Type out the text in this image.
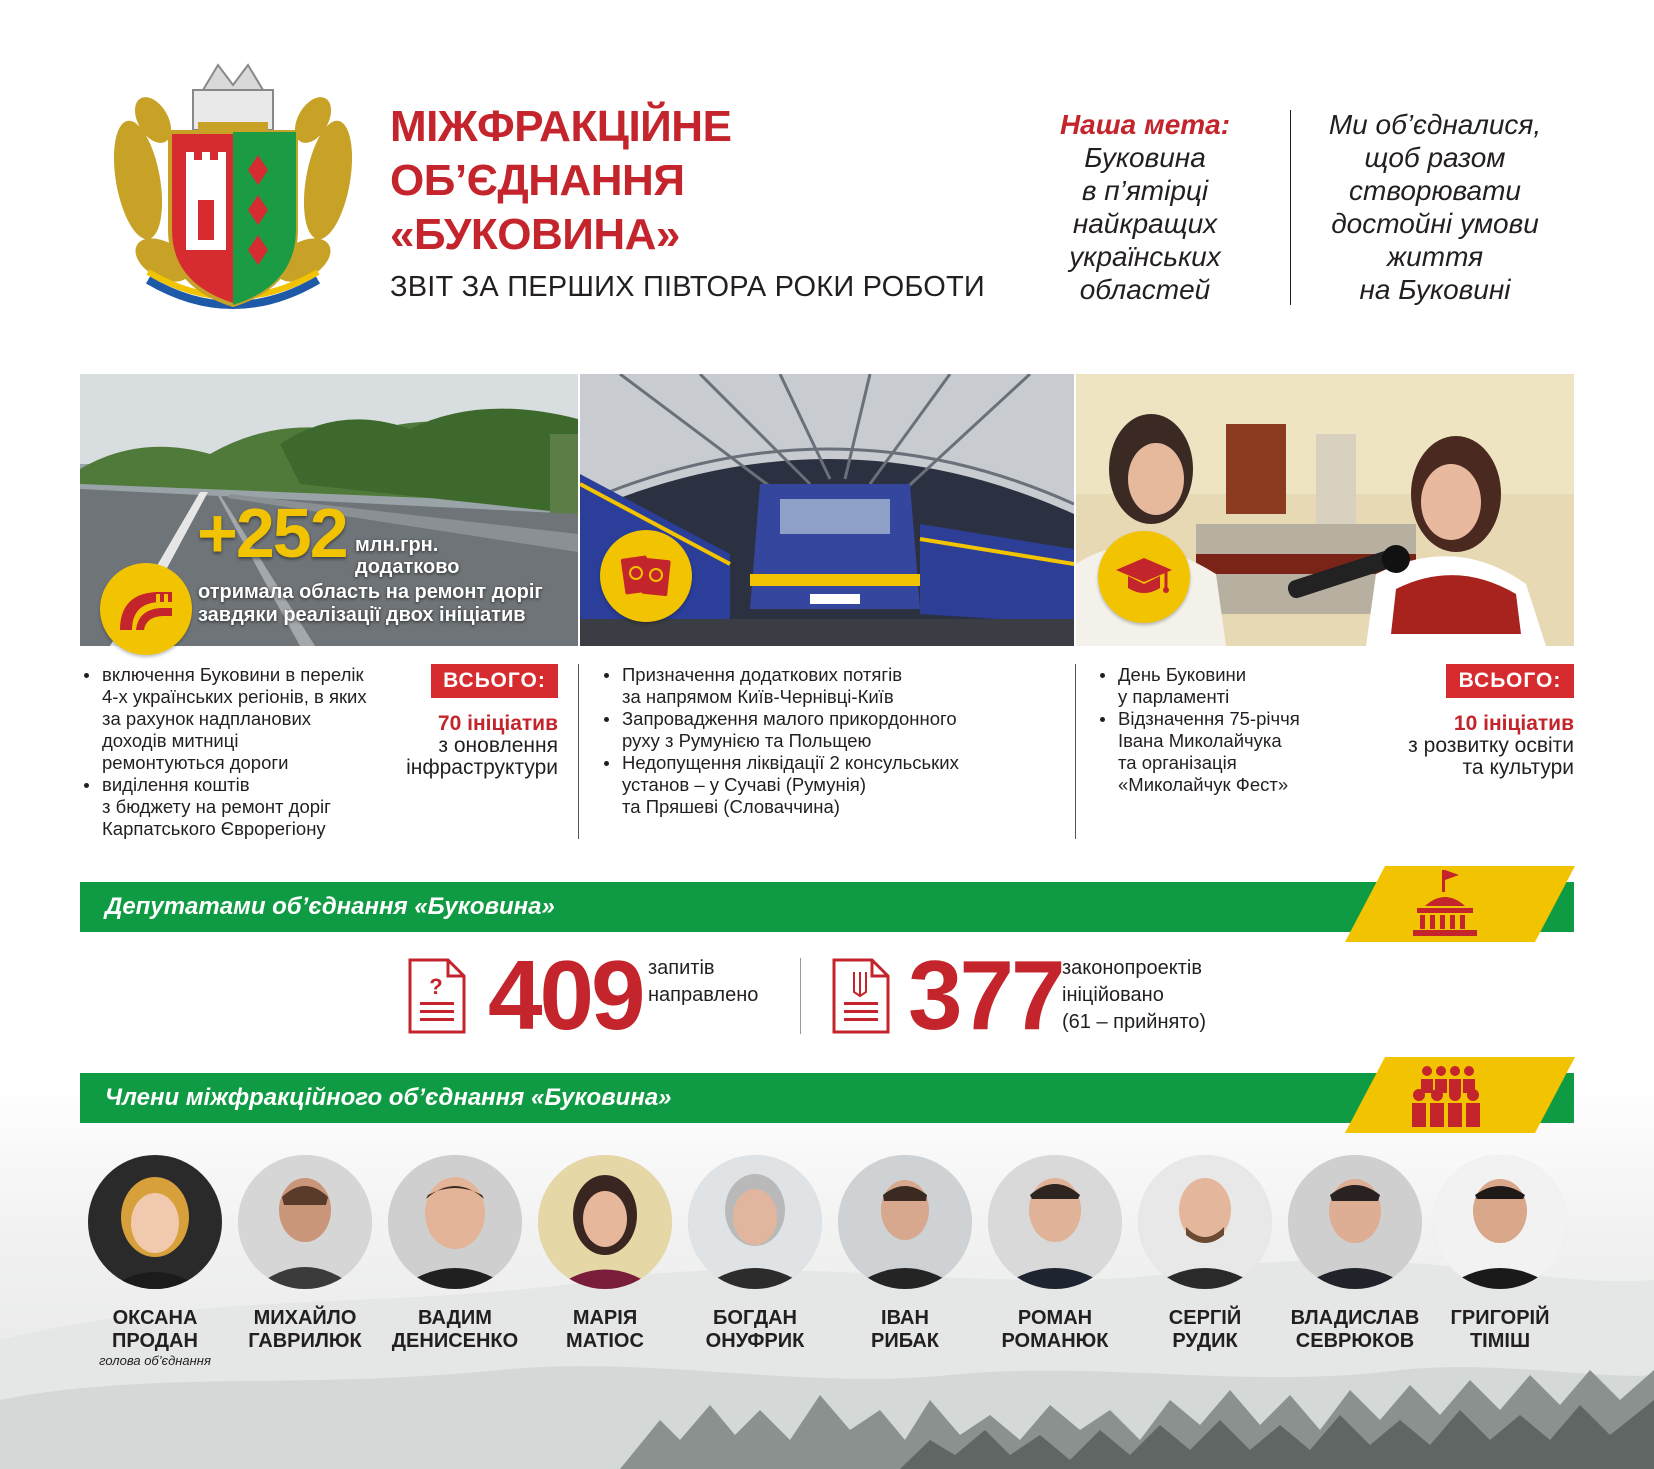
МІЖФРАКЦІЙНЕ
ОБ’ЄДНАННЯ
«БУКОВИНА»
ЗВІТ ЗА ПЕРШИХ ПІВТОРА РОКИ РОБОТИ
Наша мета:
Буковина
в п’ятірці
найкращих
українських
областей
Ми об’єдналися,
щоб разом
створювати
достойні умови
життя
на Буковині
+252 млн.грн.
додатково
отримала область на ремонт доріг
завдяки реалізації двох ініціатив
включення Буковини в перелік
4-х українських регіонів, в яких
за рахунок надпланових
доходів митниці
ремонтуються дороги
виділення коштів
з бюджету на ремонт доріг
Карпатського Єврорегіону
ВСЬОГО:
70 ініціатив
з оновлення
інфраструктури
Призначення додаткових потягів
за напрямом Київ-Чернівці-Київ
Запровадження малого прикордонного
руху з Румунією та Польщею
Недопущення ліквідації 2 консульських
установ – у Сучаві (Румунія)
та Пряшеві (Словаччина)
День Буковини
у парламенті
Відзначення 75-річчя
Івана Миколайчука
та організація
«Миколайчук Фест»
ВСЬОГО:
10 ініціатив
з розвитку освіти
та культури
Депутатами об’єднання «Буковина»
? 409 запитів
направлено 377 законопроектів
ініційовано
(61 – прийнято)
Члени міжфракційного об’єднання «Буковина»
ОКСАНА
ПРОДАН
голова об’єднання
МИХАЙЛО
ГАВРИЛЮК
ВАДИМ
ДЕНИСЕНКО
МАРІЯ
МАТІОС
БОГДАН
ОНУФРИК
ІВАН
РИБАК
РОМАН
РОМАНЮК
СЕРГІЙ
РУДИК
ВЛАДИСЛАВ
СЕВРЮКОВ
ГРИГОРІЙ
ТІМІШ
